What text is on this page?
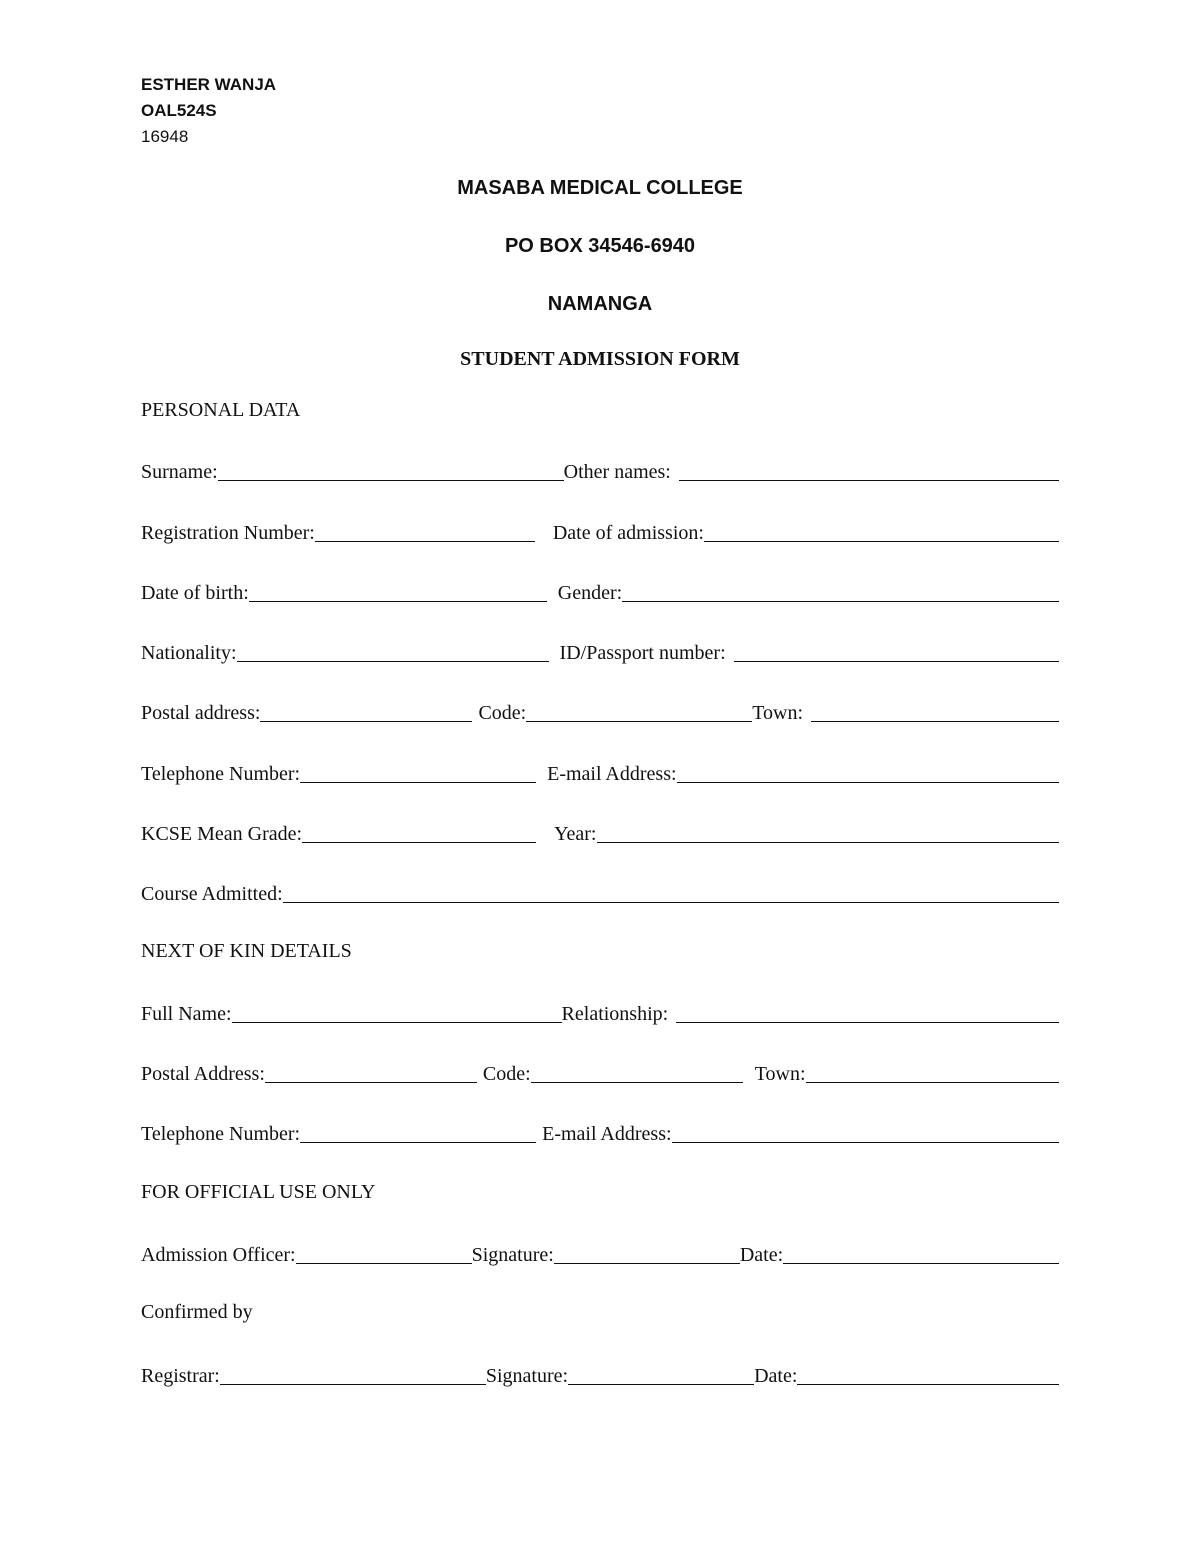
ESTHER WANJA
OAL524S
16948
MASABA MEDICAL COLLEGE
PO BOX 34546-6940
NAMANGA
STUDENT ADMISSION FORM
PERSONAL DATA
Surname:	Other names:
Registration Number:	Date of admission:
Date of birth:	Gender:
Nationality:	ID/Passport number:
Postal address:	Code:	Town:
Telephone Number:	E-mail Address:
KCSE Mean Grade:	Year:
Course Admitted:
NEXT OF KIN DETAILS
Full Name:	Relationship:
Postal Address:	Code:	Town:
Telephone Number:	E-mail Address:
FOR OFFICIAL USE ONLY
Admission Officer:	Signature:	Date:
Confirmed by
Registrar:	Signature:	Date:
